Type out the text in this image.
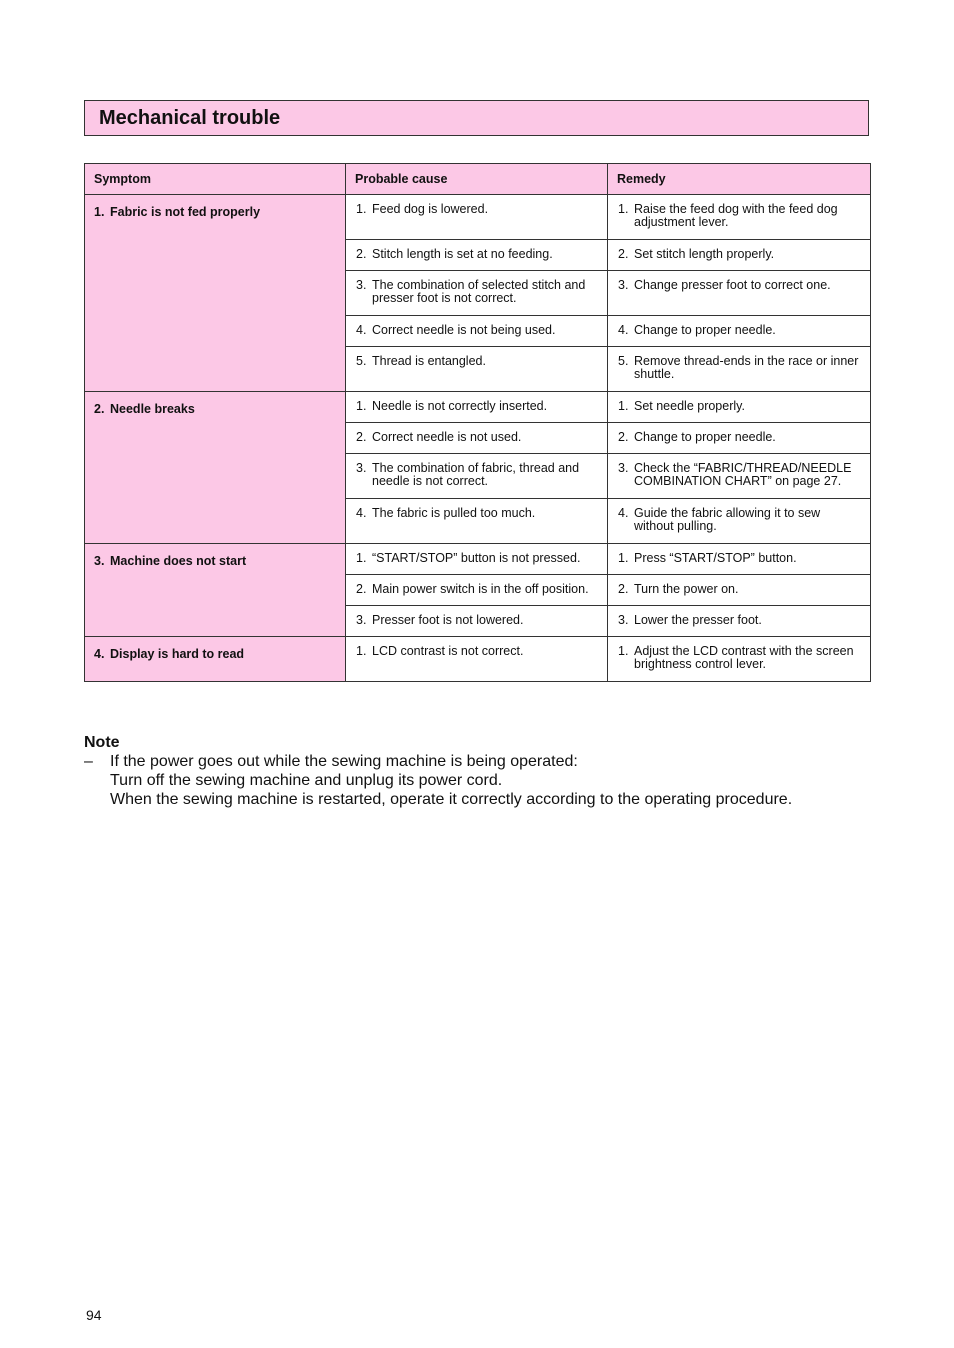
Mechanical trouble
Symptom	Probable cause	Remedy
1. Fabric is not fed properly	1. Feed dog is lowered.	1. Raise the feed dog with the feed dog adjustment lever.

	2. Stitch length is set at no feeding.	2. Set stitch length properly.

	3. The combination of selected stitch and presser foot is not correct.	3. Change presser foot to correct one.

	4. Correct needle is not being used.	4. Change to proper needle.

	5. Thread is entangled.	5. Remove thread-ends in the race or inner shuttle.

2. Needle breaks	1. Needle is not correctly inserted.	1. Set needle properly.

	2. Correct needle is not used.	2. Change to proper needle.

	3. The combination of fabric, thread and needle is not correct.	3. Check the “FABRIC/THREAD/NEEDLE COMBINATION CHART” on page 27.

	4. The fabric is pulled too much.	4. Guide the fabric allowing it to sew without pulling.

3. Machine does not start	1. “START/STOP” button is not pressed.	1. Press “START/STOP” button.

	2. Main power switch is in the off position.	2. Turn the power on.

	3. Presser foot is not lowered.	3. Lower the presser foot.

4. Display is hard to read	1. LCD contrast is not correct.	1. Adjust the LCD contrast with the screen brightness control lever.
Note
–	If the power goes out while the sewing machine is being operated:
Turn off the sewing machine and unplug its power cord.
When the sewing machine is restarted, operate it correctly according to the operating procedure.
94
